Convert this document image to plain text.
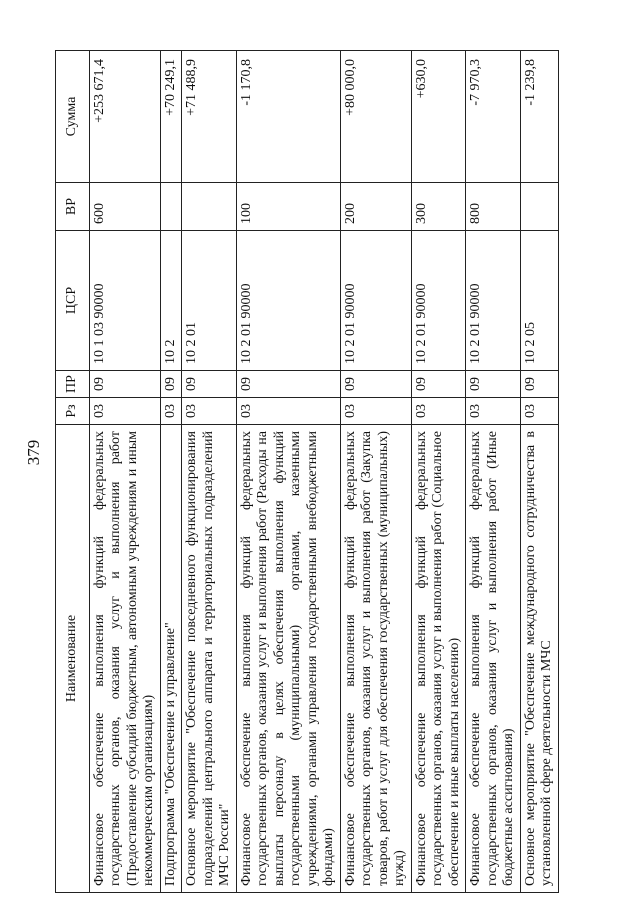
379

Наименование	Рз	ПР	ЦСР	ВР	Сумма
Финансовое обеспечение выполнения функций федеральных государственных органов, оказания услуг и выполнения работ (Предоставление субсидий бюджетным, автономным учреждениям и иным некоммерческим организациям)	03	09	10 1 03 90000	600	+253 671,4
Подпрограмма "Обеспечение и управление"	03	09	10 2		+70 249,1
Основное мероприятие "Обеспечение повседневного функционирования подразделений центрального аппарата и территориальных подразделений МЧС России"	03	09	10 2 01		+71 488,9
Финансовое обеспечение выполнения функций федеральных государственных органов, оказания услуг и выполнения работ (Расходы на выплаты персоналу в целях обеспечения выполнения функций государственными (муниципальными) органами, казенными учреждениями, органами управления государственными внебюджетными фондами)	03	09	10 2 01 90000	100	-1 170,8
Финансовое обеспечение выполнения функций федеральных государственных органов, оказания услуг и выполнения работ (Закупка товаров, работ и услуг для обеспечения государственных (муниципальных) нужд)	03	09	10 2 01 90000	200	+80 000,0
Финансовое обеспечение выполнения функций федеральных государственных органов, оказания услуг и выполнения работ (Социальное обеспечение и иные выплаты населению)	03	09	10 2 01 90000	300	+630,0
Финансовое обеспечение выполнения функций федеральных государственных органов, оказания услуг и выполнения работ (Иные бюджетные ассигнования)	03	09	10 2 01 90000	800	-7 970,3
Основное мероприятие "Обеспечение международного сотрудничества в установленной сфере деятельности МЧС	03	09	10 2 05		-1 239,8
